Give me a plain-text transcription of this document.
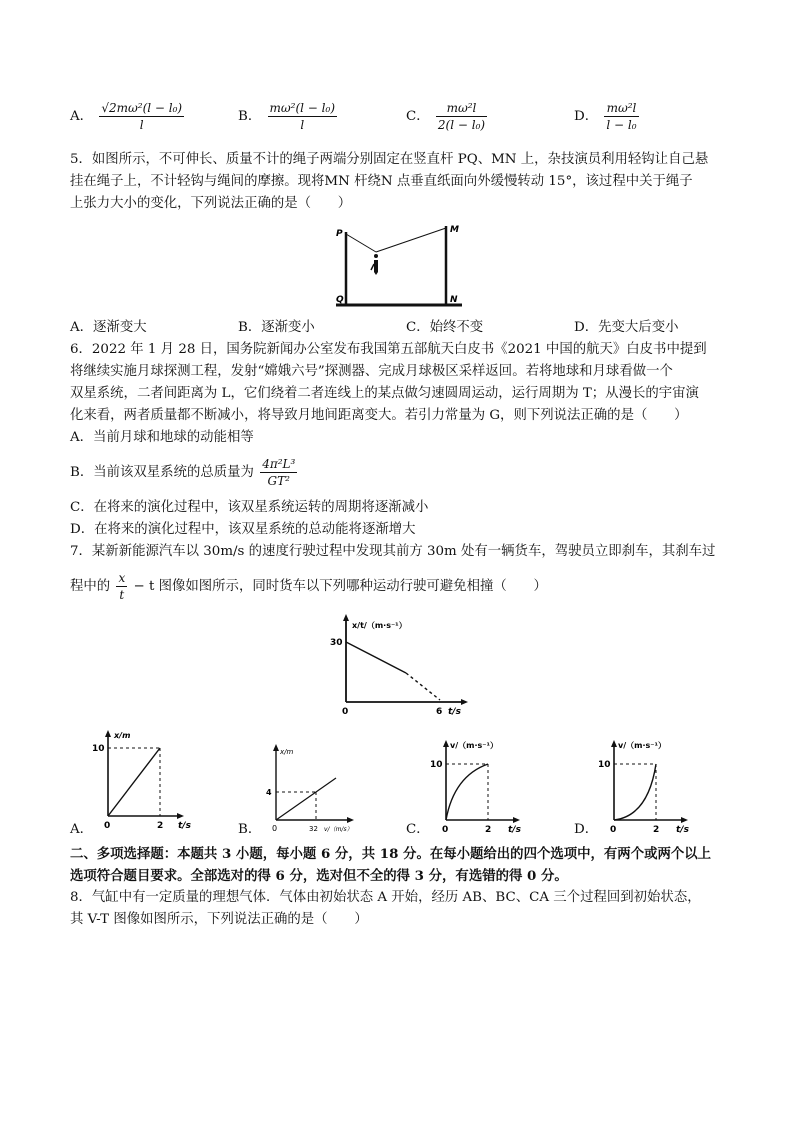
A． $\frac{\text{√2mω²(l − l₀)}}{l}$	B． $\frac{\text{mω²(l − l₀)}}{l}$	C． $\frac{\text{mω²l}}{\text{2(l − l₀)}}$	D． $\frac{\text{mω²l}}{\text{l − l₀}}$
5．如图所示，不可伸长、质量不计的绳子两端分别固定在竖直杆 PQ、MN 上，杂技演员利用轻钩让自己悬
挂在绳子上，不计轻钩与绳间的摩擦。现将MN 杆绕N 点垂直纸面向外缓慢转动 15°，该过程中关于绳子
上张力大小的变化，下列说法正确的是（　　）
P
Q
M
N
A．逐渐变大	B．逐渐变小	C．始终不变	D．先变大后变小
6．2022 年 1 月 28 日，国务院新闻办公室发布我国第五部航天白皮书《2021 中国的航天》白皮书中提到
将继续实施月球探测工程，发射“嫦娥六号”探测器、完成月球极区采样返回。若将地球和月球看做一个
双星系统，二者间距离为 L，它们绕着二者连线上的某点做匀速圆周运动，运行周期为 T；从漫长的宇宙演
化来看，两者质量都不断减小，将导致月地间距离变大。若引力常量为 G，则下列说法正确的是（　　）
A．当前月球和地球的动能相等
B．当前该双星系统的总质量为 $\frac{\text{4π²L³}}{\text{GT²}}$
C．在将来的演化过程中，该双星系统运转的周期将逐渐减小
D．在将来的演化过程中，该双星系统的总动能将逐渐增大
7．某新新能源汽车以 30m/s 的速度行驶过程中发现其前方 30m 处有一辆货车，驾驶员立即刹车，其刹车过
程中的 $\frac{x}{t} - t$ 图像如图所示，同时货车以下列哪种运动行驶可避免相撞（　　）
x/t/（m·s⁻¹）
30
0	6 t/s
A．
x/m
10
0	2 t/s	B．
x/m
4
0	32 v/（m/s）	C．
v/（m·s⁻¹）
10
0	2 t/s	D．
v/（m·s⁻¹）
10
0	2 t/s
二、多项选择题：本题共 3 小题，每小题 6 分，共 18 分。在每小题给出的四个选项中，有两个或两个以上
选项符合题目要求。全部选对的得 6 分，选对但不全的得 3 分，有选错的得 0 分。
8．气缸中有一定质量的理想气体．气体由初始状态 A 开始，经历 AB、BC、CA 三个过程回到初始状态，
其 V-T 图像如图所示，下列说法正确的是（　　）
